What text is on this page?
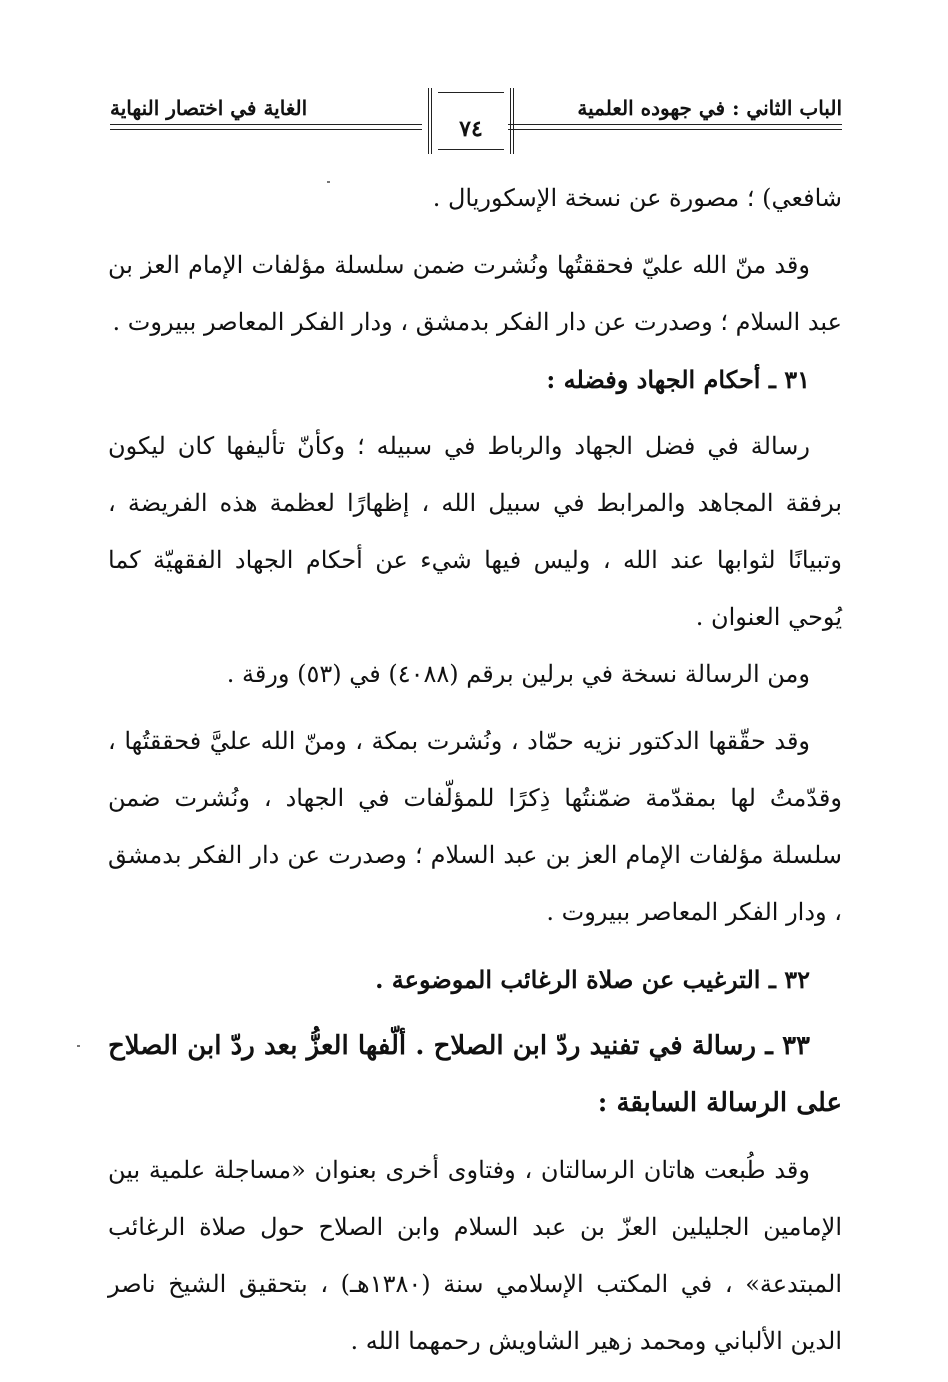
الباب الثاني : في جهوده العلمية
الغاية في اختصار النهاية
٧٤

شافعي) ؛ مصورة عن نسخة الإسكوريال .

وقد منّ الله عليّ فحققتُها ونُشرت ضمن سلسلة مؤلفات الإمام العز بن عبد السلام ؛ وصدرت عن دار الفكر بدمشق ، ودار الفكر المعاصر ببيروت .

٣١ ـ أحكام الجهاد وفضله :

رسالة في فضل الجهاد والرباط في سبيله ؛ وكأنّ تأليفها كان ليكون برفقة المجاهد والمرابط في سبيل الله ، إظهارًا لعظمة هذه الفريضة ، وتبيانًا لثوابها عند الله ، وليس فيها شيء عن أحكام الجهاد الفقهيّة كما يُوحي العنوان .

ومن الرسالة نسخة في برلين برقم (٤٠٨٨) في (٥٣) ورقة .

وقد حقّقها الدكتور نزيه حمّاد ، ونُشرت بمكة ، ومنّ الله عليَّ فحققتُها ، وقدّمتُ لها بمقدّمة ضمّنتُها ذِكرًا للمؤلّفات في الجهاد ، ونُشرت ضمن سلسلة مؤلفات الإمام العز بن عبد السلام ؛ وصدرت عن دار الفكر بدمشق ، ودار الفكر المعاصر ببيروت .

٣٢ ـ الترغيب عن صلاة الرغائب الموضوعة .

٣٣ ـ رسالة في تفنيد ردّ ابن الصلاح . ألّفها العزُّ بعد ردّ ابن الصلاح على الرسالة السابقة :

وقد طُبعت هاتان الرسالتان ، وفتاوى أخرى بعنوان «مساجلة علمية بين الإمامين الجليلين العزّ بن عبد السلام وابن الصلاح حول صلاة الرغائب المبتدعة» ، في المكتب الإسلامي سنة (١٣٨٠هـ) ، بتحقيق الشيخ ناصر الدين الألباني ومحمد زهير الشاويش رحمهما الله .
